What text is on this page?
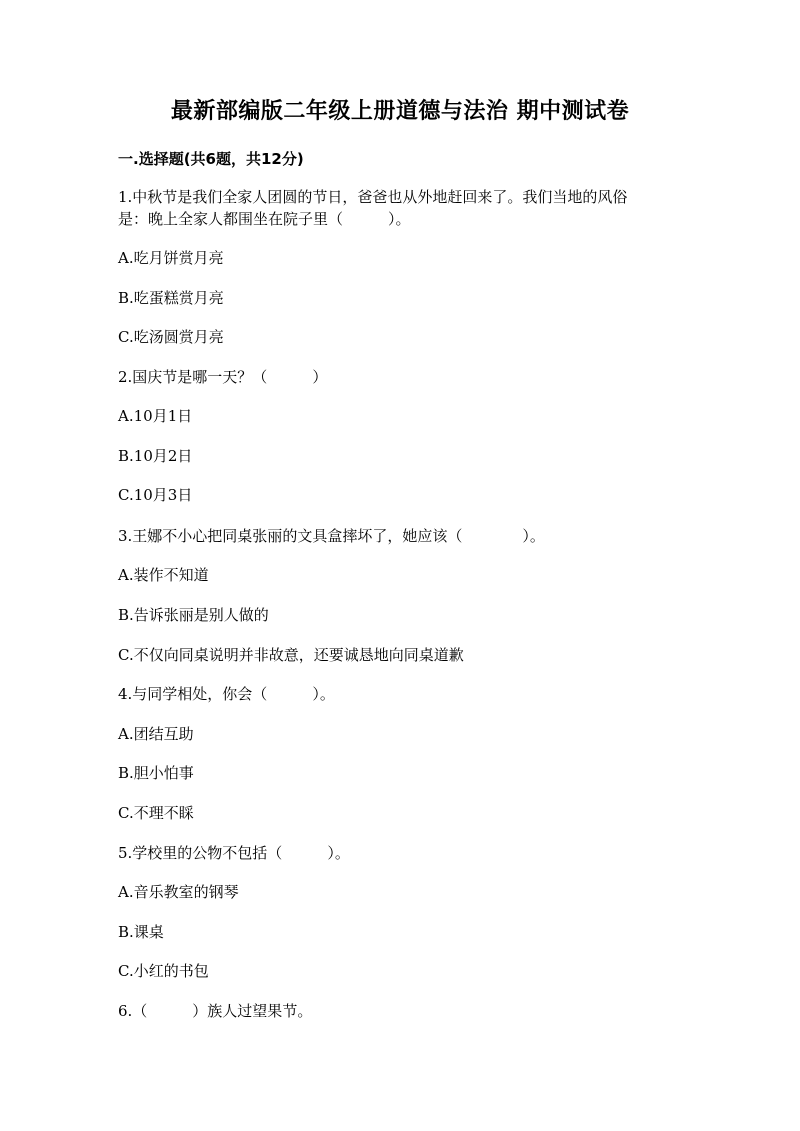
最新部编版二年级上册道德与法治 期中测试卷
一.选择题(共6题，共12分)
1.中秋节是我们全家人团圆的节日，爸爸也从外地赶回来了。我们当地的风俗
是：晚上全家人都围坐在院子里（　　　）。
A.吃月饼赏月亮
B.吃蛋糕赏月亮
C.吃汤圆赏月亮
2.国庆节是哪一天？（　　　）
A.10月1日
B.10月2日
C.10月3日
3.王娜不小心把同桌张丽的文具盒摔坏了，她应该（　　　　）。
A.装作不知道
B.告诉张丽是别人做的
C.不仅向同桌说明并非故意，还要诚恳地向同桌道歉
4.与同学相处，你会（　　　）。
A.团结互助
B.胆小怕事
C.不理不睬
5.学校里的公物不包括（　　　）。
A.音乐教室的钢琴
B.课桌
C.小红的书包
6.（　　　）族人过望果节。
